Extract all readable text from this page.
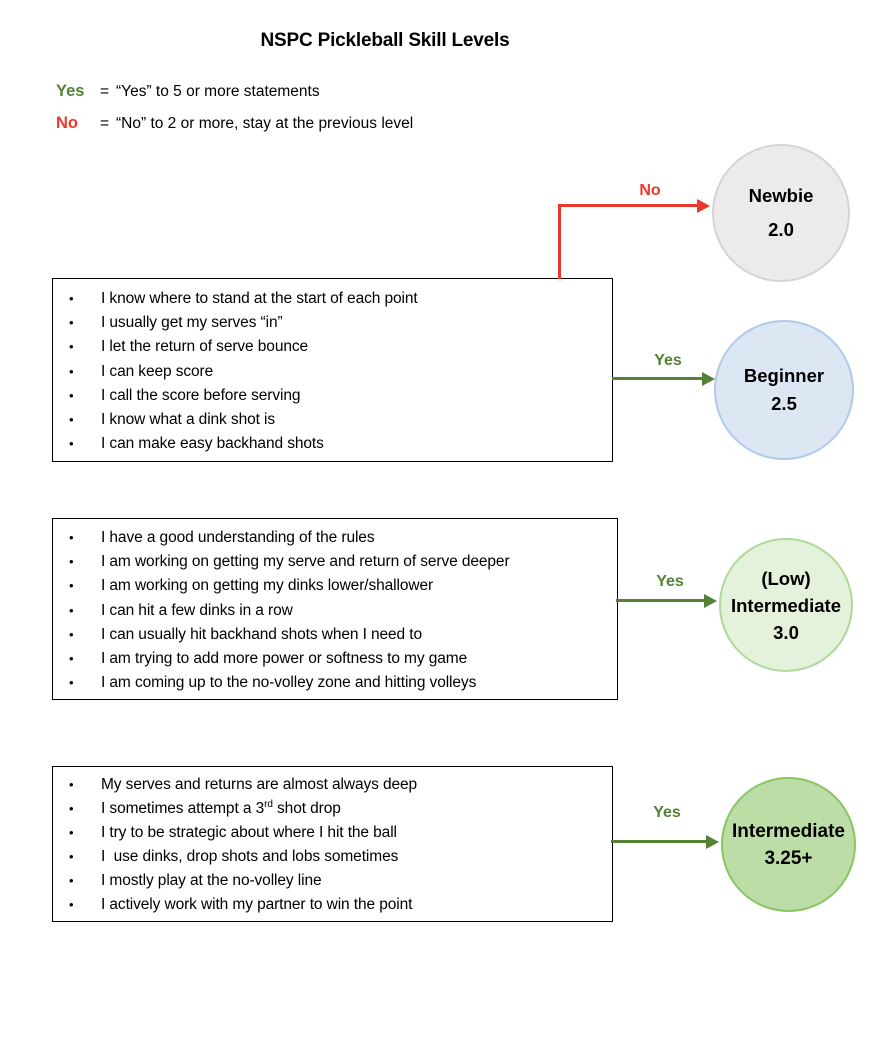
NSPC Pickleball Skill Levels
Yes	= “Yes” to 5 or more statements
No	= “No” to 2 or more, stay at the previous level
•
I know where to stand at the start of each point
•
I usually get my serves “in”
•
I let the return of serve bounce
•
I can keep score
•
I call the score before serving
•
I know what a dink shot is
•
I can make easy backhand shots
•
I have a good understanding of the rules
•
I am working on getting my serve and return of serve deeper
•
I am working on getting my dinks lower/shallower
•
I can hit a few dinks in a row
•
I can usually hit backhand shots when I need to
•
I am trying to add more power or softness to my game
•
I am coming up to the no-volley zone and hitting volleys
•
My serves and returns are almost always deep
•
I sometimes attempt a 3rd shot drop
•
I try to be strategic about where I hit the ball
•
I  use dinks, drop shots and lobs sometimes
•
I mostly play at the no-volley line
•
I actively work with my partner to win the point
No
Yes
Yes
Yes
Newbie
2.0
Beginner
2.5
(Low)
Intermediate
3.0
Intermediate
3.25+
